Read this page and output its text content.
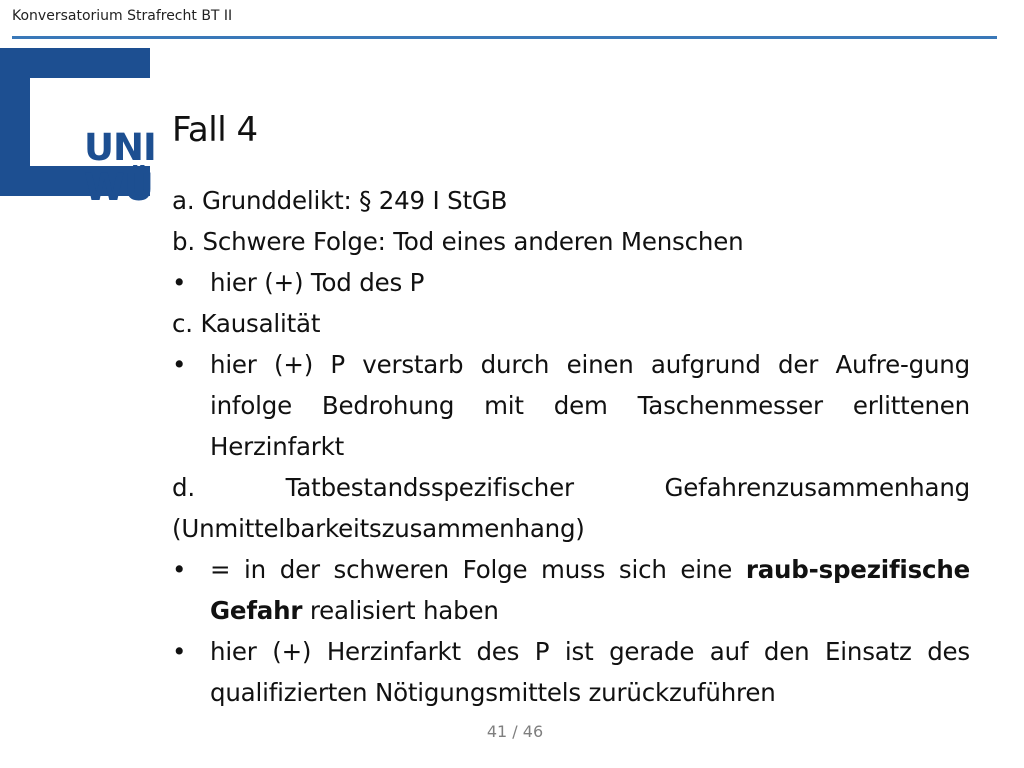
Konversatorium Strafrecht BT II
UNI
WÜ
Fall 4

a. Grunddelikt: § 249 I StGB

b. Schwere Folge: Tod eines anderen Menschen

• hier (+) Tod des P

c. Kausalität

• hier (+) P verstarb durch einen aufgrund der Aufre-gung infolge Bedrohung mit dem Taschenmesser erlittenen Herzinfarkt

d. Tatbestandsspezifischer Gefahrenzusammenhang (Unmittelbarkeitszusammenhang)

• = in der schweren Folge muss sich eine raub-spezifische Gefahr realisiert haben

• hier (+) Herzinfarkt des P ist gerade auf den Einsatz des qualifizierten Nötigungsmittels zurückzuführen

41 / 46
